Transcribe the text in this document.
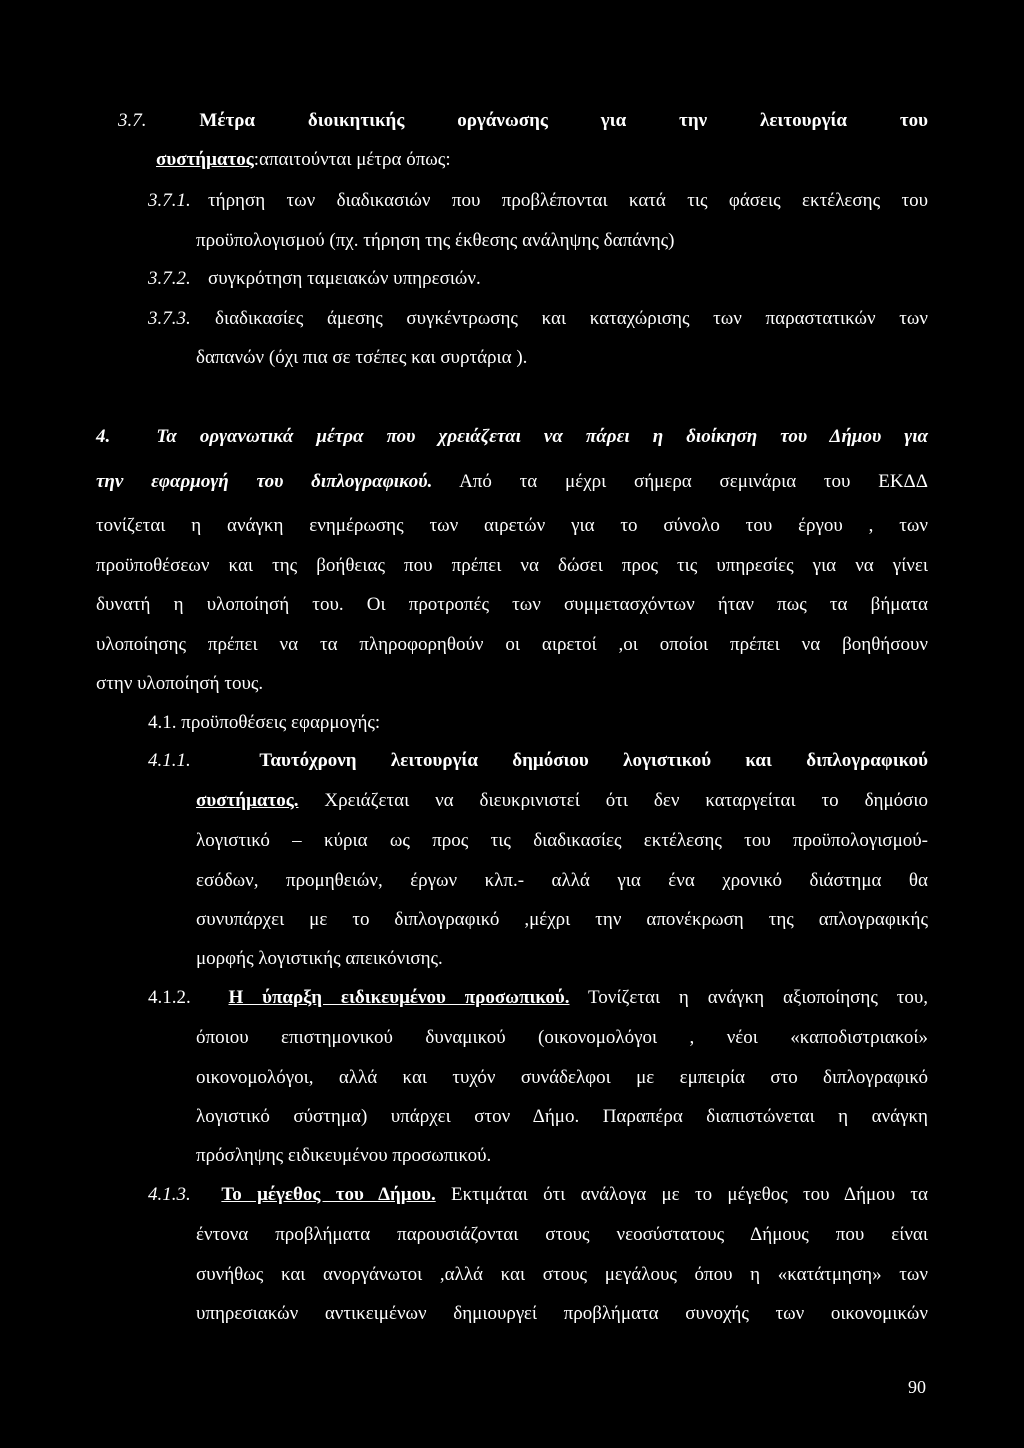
3.7.	Μέτρα διοικητικής οργάνωσης για την λειτουργία του
συστήματος:απαιτούνται μέτρα όπως:
3.7.1. τήρηση των διαδικασιών που προβλέπονται κατά τις φάσεις εκτέλεσης του
προϋπολογισμού (πχ. τήρηση της έκθεσης ανάληψης δαπάνης)
3.7.2. συγκρότηση ταμειακών υπηρεσιών.
3.7.3. διαδικασίες άμεσης συγκέντρωσης και καταχώρισης των παραστατικών των
δαπανών (όχι πια σε τσέπες και συρτάρια ).
4. Τα οργανωτικά μέτρα που χρειάζεται να πάρει η διοίκηση του Δήμου για
την εφαρμογή του διπλογραφικού. Από τα μέχρι σήμερα σεμινάρια του ΕΚΔΔ
τονίζεται η ανάγκη ενημέρωσης των αιρετών για το σύνολο του έργου , των
προϋποθέσεων και της βοήθειας που πρέπει να δώσει προς τις υπηρεσίες για να γίνει
δυνατή η υλοποίησή του. Οι προτροπές των συμμετασχόντων ήταν πως τα βήματα
υλοποίησης πρέπει να τα πληροφορηθούν οι αιρετοί ,οι οποίοι πρέπει να βοηθήσουν
στην υλοποίησή τους.
4.1. προϋποθέσεις εφαρμογής:
4.1.1.	Ταυτόχρονη λειτουργία δημόσιου λογιστικού και διπλογραφικού
συστήματος. Χρειάζεται να διευκρινιστεί ότι δεν καταργείται το δημόσιο
λογιστικό – κύρια ως προς τις διαδικασίες εκτέλεσης του προϋπολογισμού-
εσόδων, προμηθειών, έργων κλπ.- αλλά για ένα χρονικό διάστημα θα
συνυπάρχει με το διπλογραφικό ,μέχρι την απονέκρωση της απλογραφικής
μορφής λογιστικής απεικόνισης.
4.1.2. Η ύπαρξη ειδικευμένου προσωπικού. Τονίζεται η ανάγκη αξιοποίησης του,
όποιου επιστημονικού δυναμικού (οικονομολόγοι , νέοι «καποδιστριακοί»
οικονομολόγοι, αλλά και τυχόν συνάδελφοι με εμπειρία στο διπλογραφικό
λογιστικό σύστημα) υπάρχει στον Δήμο. Παραπέρα διαπιστώνεται η ανάγκη
πρόσληψης ειδικευμένου προσωπικού.
4.1.3. Το μέγεθος του Δήμου. Εκτιμάται ότι ανάλογα με το μέγεθος του Δήμου τα
έντονα προβλήματα παρουσιάζονται στους νεοσύστατους Δήμους που είναι
συνήθως και ανοργάνωτοι ,αλλά και στους μεγάλους όπου η «κατάτμηση» των
υπηρεσιακών αντικειμένων δημιουργεί προβλήματα συνοχής των οικονομικών
90
